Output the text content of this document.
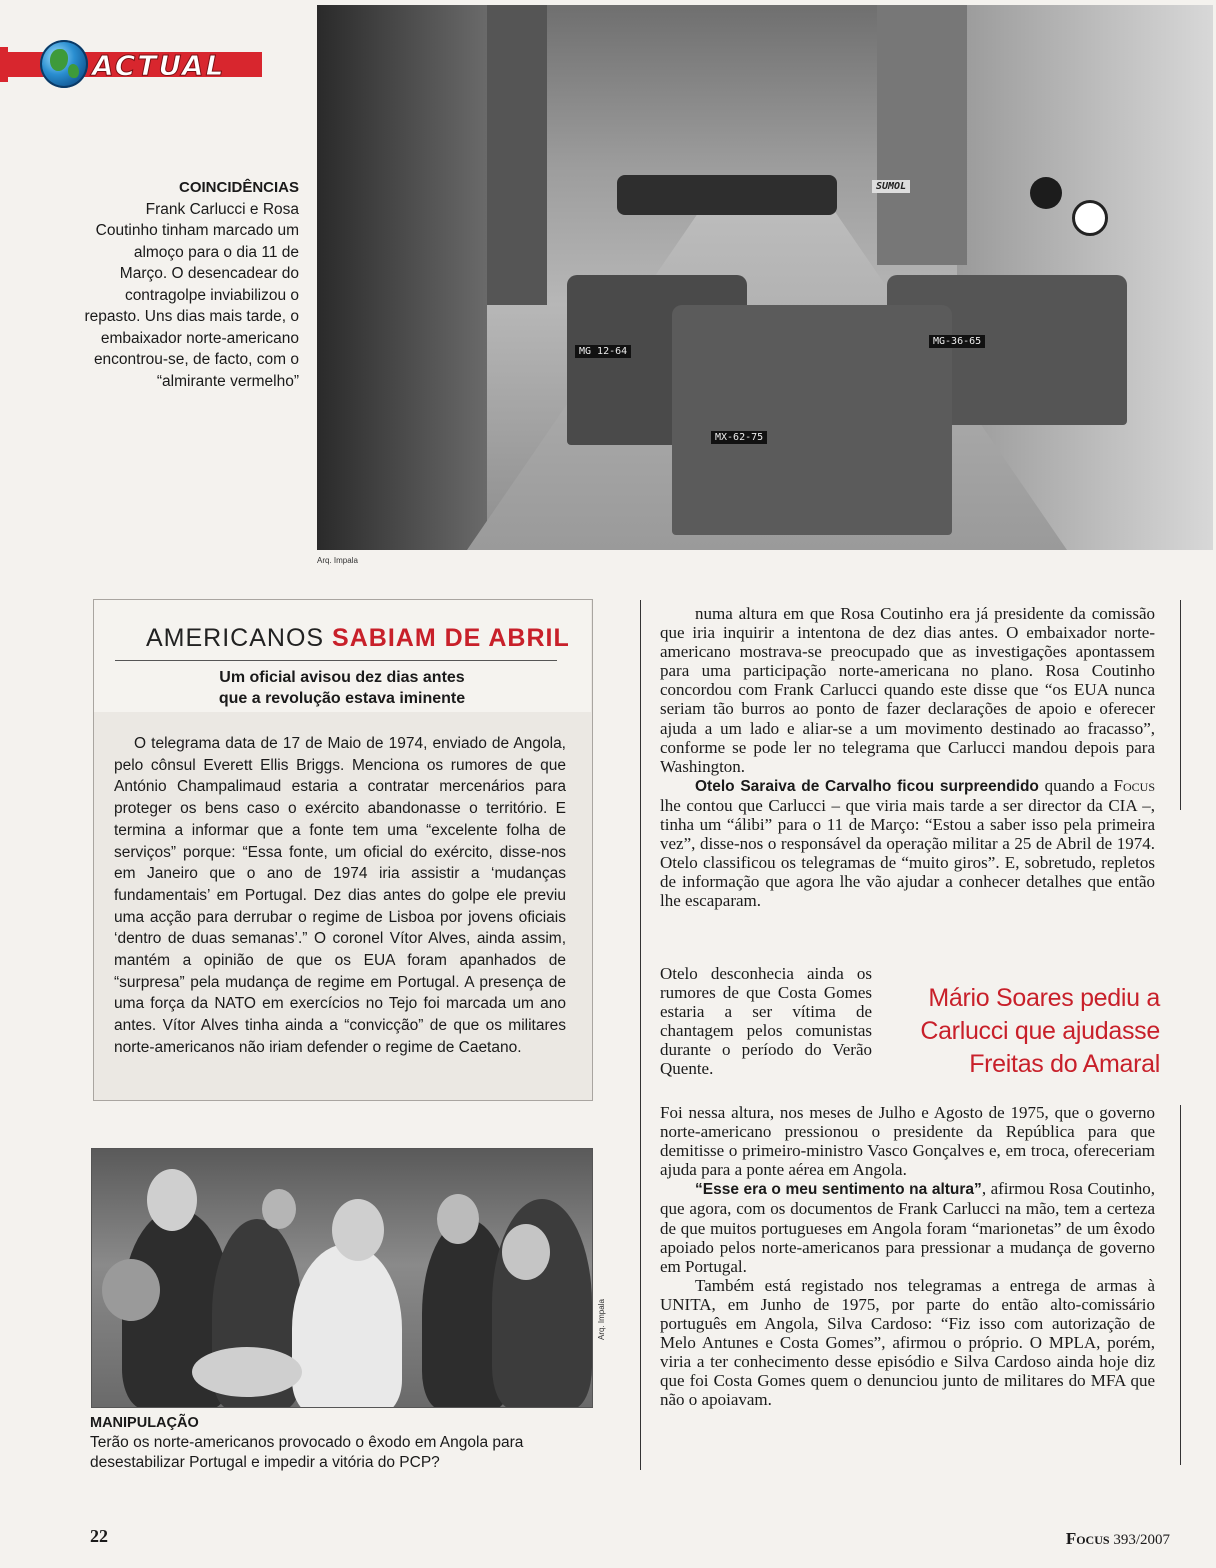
ACTUAL
MG 12-64
MG-36-65
MX-62-75
SUMOL
Arq. Impala
COINCIDÊNCIAS
Frank Carlucci e Rosa Coutinho tinham marcado um almoço para o dia 11 de Março. O desencadear do contragolpe inviabilizou o repasto. Uns dias mais tarde, o embaixador norte-americano encontrou-se, de facto, com o “almirante vermelho”
AMERICANOS SABIAM DE ABRIL
Um oficial avisou dez dias antes que a revolução estava iminente
O telegrama data de 17 de Maio de 1974, enviado de Angola, pelo cônsul Everett Ellis Briggs. Menciona os rumores de que António Champalimaud estaria a contratar mercenários para proteger os bens caso o exército abandonasse o território. E termina a informar que a fonte tem uma “excelente folha de serviços” porque: “Essa fonte, um oficial do exército, disse-nos em Janeiro que o ano de 1974 iria assistir a ‘mudanças fundamentais’ em Portugal. Dez dias antes do golpe ele previu uma acção para derrubar o regime de Lisboa por jovens oficiais ‘dentro de duas semanas’.” O coronel Vítor Alves, ainda assim, mantém a opinião de que os EUA foram apanhados de “surpresa” pela mudança de regime em Portugal. A presença de uma força da NATO em exercícios no Tejo foi marcada um ano antes. Vítor Alves tinha ainda a “convicção” de que os militares norte-americanos não iriam defender o regime de Caetano.
Arq. Impala
MANIPULAÇÃO
Terão os norte-americanos provocado o êxodo em Angola para desestabilizar Portugal e impedir a vitória do PCP?

numa altura em que Rosa Coutinho era já presidente da comissão que iria inquirir a intentona de dez dias antes. O embaixador norte-americano mostrava-se preocupado que as investigações apontassem para uma participação norte-americana no plano. Rosa Coutinho concordou com Frank Carlucci quando este disse que “os EUA nunca seriam tão burros ao ponto de fazer declarações de apoio e oferecer ajuda a um lado e aliar-se a um movimento destinado ao fracasso”, conforme se pode ler no telegrama que Carlucci mandou depois para Washington.

Otelo Saraiva de Carvalho ficou surpreendido quando a Focus lhe contou que Carlucci – que viria mais tarde a ser director da CIA –, tinha um “álibi” para o 11 de Março: “Estou a saber isso pela primeira vez”, disse-nos o responsável da operação militar a 25 de Abril de 1974. Otelo classificou os telegramas de “muito giros”. E, sobretudo, repletos de informação que agora lhe vão ajudar a conhecer detalhes que então lhe escaparam.

Otelo desconhecia ainda os rumores de que Costa Gomes estaria a ser vítima de chantagem pelos comunistas durante o período do Verão Quente.
Mário Soares pediu a Carlucci que ajudasse Freitas do Amaral

Foi nessa altura, nos meses de Julho e Agosto de 1975, que o governo norte-americano pressionou o presidente da República para que demitisse o primeiro-ministro Vasco Gonçalves e, em troca, ofereceriam ajuda para a ponte aérea em Angola.

“Esse era o meu sentimento na altura”, afirmou Rosa Coutinho, que agora, com os documentos de Frank Carlucci na mão, tem a certeza de que muitos portugueses em Angola foram “marionetas” de um êxodo apoiado pelos norte-americanos para pressionar a mudança de governo em Portugal.

Também está registado nos telegramas a entrega de armas à UNITA, em Junho de 1975, por parte do então alto-comissário português em Angola, Silva Cardoso: “Fiz isso com autorização de Melo Antunes e Costa Gomes”, afirmou o próprio. O MPLA, porém, viria a ter conhecimento desse episódio e Silva Cardoso ainda hoje diz que foi Costa Gomes quem o denunciou junto de militares do MFA que não o apoiavam.

22	Focus 393/2007
